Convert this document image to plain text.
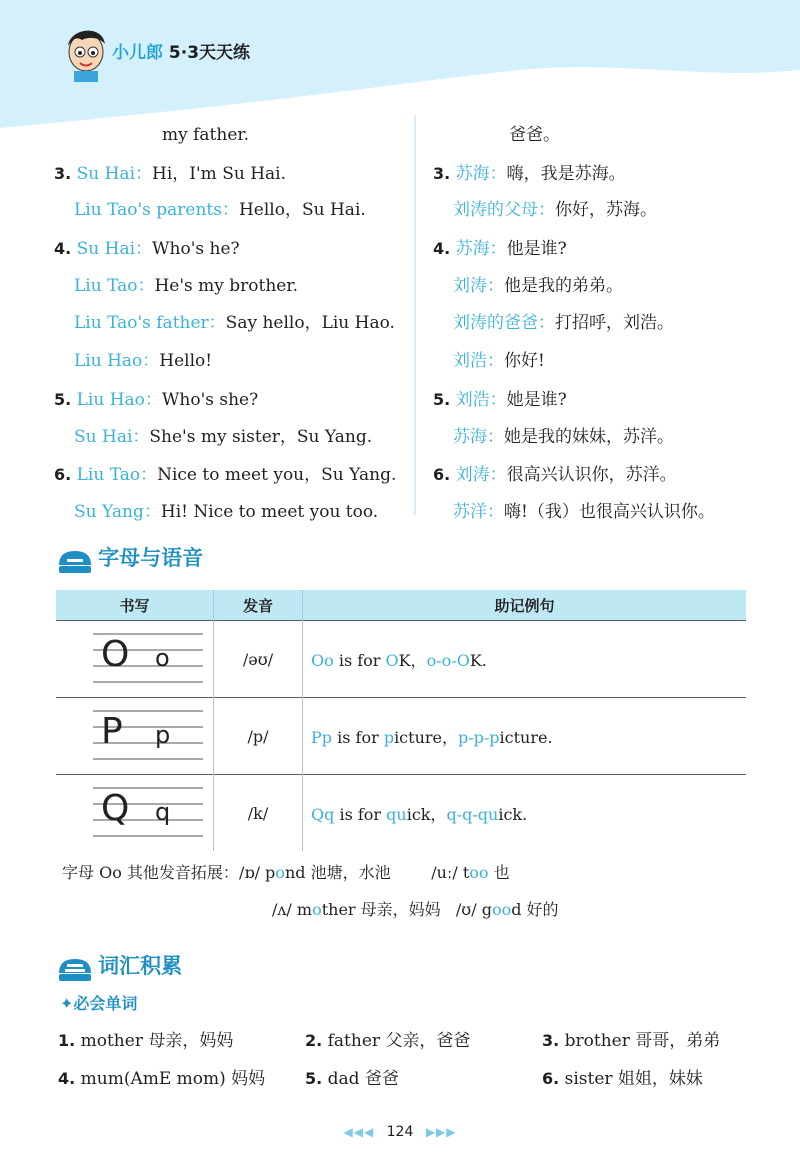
小儿郎 5·3天天练
my father.
3. Su Hai：Hi，I'm Su Hai.
Liu Tao's parents：Hello，Su Hai.
4. Su Hai：Who's he?
Liu Tao：He's my brother.
Liu Tao's father：Say hello，Liu Hao.
Liu Hao：Hello!
5. Liu Hao：Who's she?
Su Hai：She's my sister，Su Yang.
6. Liu Tao：Nice to meet you，Su Yang.
Su Yang：Hi! Nice to meet you too.
爸爸。
3. 苏海：嗨，我是苏海。
刘涛的父母：你好，苏海。
4. 苏海：他是谁?
刘涛：他是我的弟弟。
刘涛的爸爸：打招呼，刘浩。
刘浩：你好!
5. 刘浩：她是谁?
苏海：她是我的妹妹，苏洋。
6. 刘涛：很高兴认识你，苏洋。
苏洋：嗨!（我）也很高兴认识你。
字母与语音
书写	发音	助记例句

O o	/əʊ/	Oo is for OK，o-o-OK.

P p	/p/	Pp is for picture，p-p-picture.

Q q	/k/	Qq is for quick，q-q-quick.
字母 Oo 其他发音拓展：/ɒ/ pond 池塘，水池        /uː/ too 也
/ʌ/ mother 母亲，妈妈   /ʊ/ good 好的
词汇积累
✦必会单词
1. mother 母亲，妈妈	2. father 父亲，爸爸	3. brother 哥哥，弟弟
4. mum(AmE mom) 妈妈 5. dad 爸爸	6. sister 姐姐，妹妹
◀◀◀ 124 ▶▶▶
